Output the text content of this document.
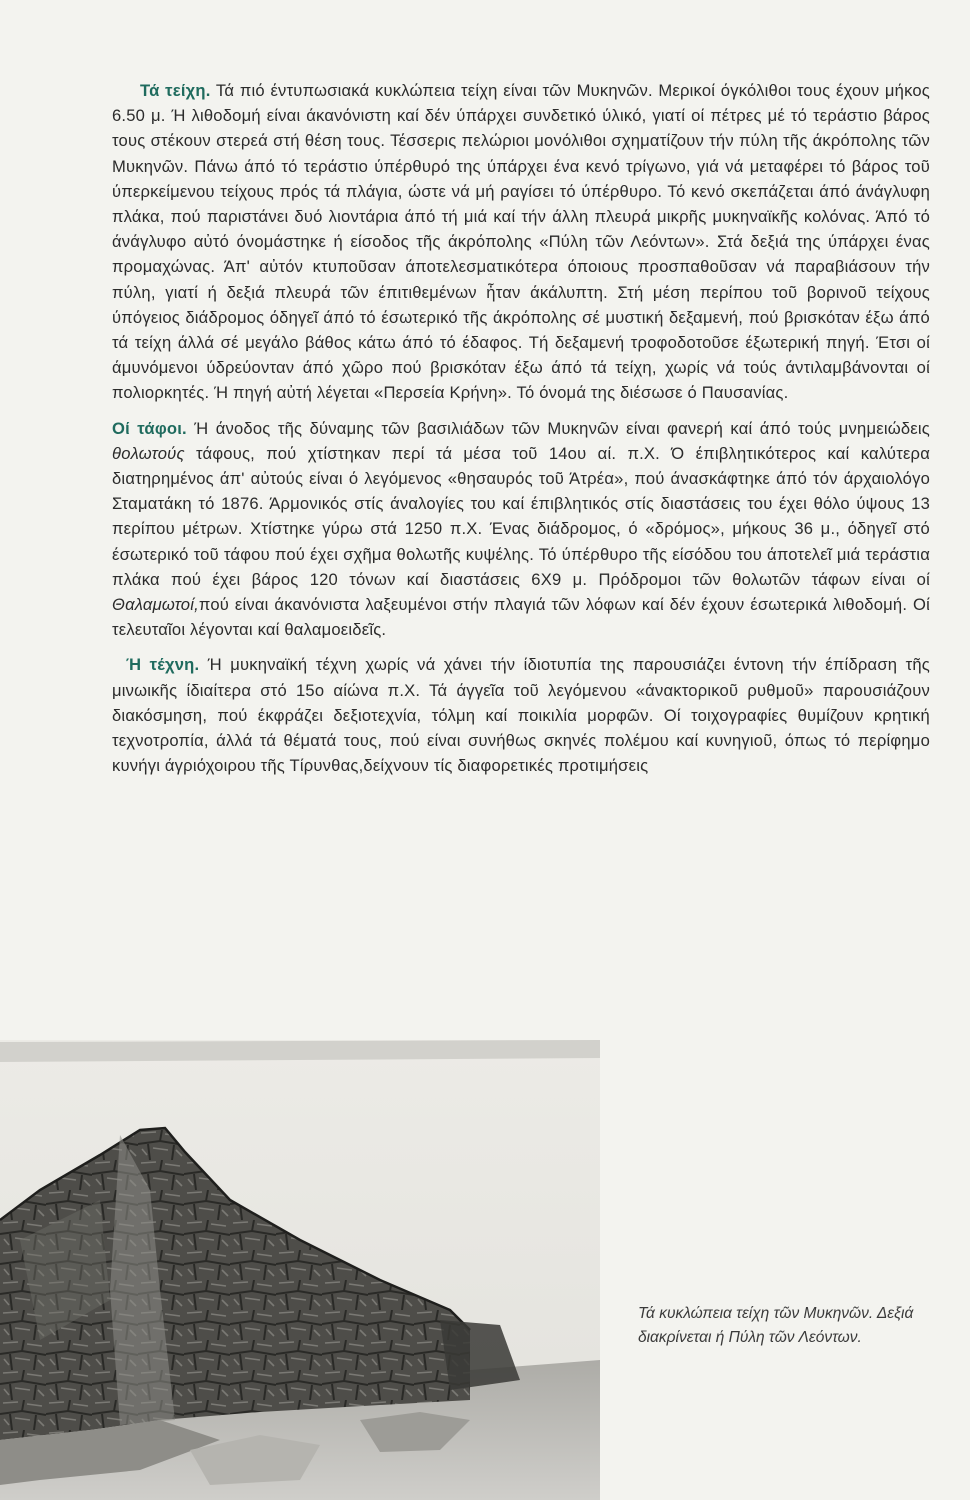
Τά τείχη. Τά πιό έντυπωσιακά κυκλώπεια τείχη είναι τῶν Μυκηνῶν. Μερικοί όγκόλιθοι τους έχουν μήκος 6.50 μ. Ή λιθοδομή είναι άκανόνιστη καί δέν ύπάρχει συνδετικό ύλικό, γιατί οί πέτρες μέ τό τεράστιο βάρος τους στέκουν στερεά στή θέση τους. Τέσσερις πελώριοι μονόλιθοι σχηματίζουν τήν πύλη τῆς άκρόπολης τῶν Μυκηνῶν. Πάνω άπό τό τεράστιο ύπέρθυρό της ύπάρχει ένα κενό τρίγωνο, γιά νά μεταφέρει τό βάρος τοῦ ύπερκείμενου τείχους πρός τά πλάγια, ώστε νά μή ραγίσει τό ύπέρθυρο. Τό κενό σκεπάζεται άπό άνάγλυφη πλάκα, πού παριστάνει δυό λιοντάρια άπό τή μιά καί τήν άλλη πλευρά μικρῆς μυκηναϊκῆς κολόνας. Άπό τό άνάγλυφο αὐτό όνομάστηκε ή είσοδος τῆς άκρόπολης «Πύλη τῶν Λεόντων». Στά δεξιά της ύπάρχει ένας προμαχώνας. Άπ' αὐτόν κτυποῦσαν άποτελεσματικότερα όποιους προσπαθοῦσαν νά παραβιάσουν τήν πύλη, γιατί ή δεξιά πλευρά τῶν έπιτιθεμένων ἦταν άκάλυπτη. Στή μέση περίπου τοῦ βορινοῦ τείχους ύπόγειος διάδρομος όδηγεῖ άπό τό έσωτερικό τῆς άκρόπολης σέ μυστική δεξαμενή, πού βρισκόταν έξω άπό τά τείχη άλλά σέ μεγάλο βάθος κάτω άπό τό έδαφος. Τή δεξαμενή τροφοδοτοῦσε έξωτερική πηγή. Έτσι οί άμυνόμενοι ύδρεύονταν άπό χῶρο πού βρισκόταν έξω άπό τά τείχη, χωρίς νά τούς άντιλαμβάνονται οί πολιορκητές. Ή πηγή αὐτή λέγεται «Περσεία Κρήνη». Τό όνομά της διέσωσε ό Παυσανίας.

Οί τάφοι. Ή άνοδος τῆς δύναμης τῶν βασιλιάδων τῶν Μυκηνῶν είναι φανερή καί άπό τούς μνημειώδεις θολωτούς τάφους, πού χτίστηκαν περί τά μέσα τοῦ 14ου αί. π.Χ. Ό έπιβλητικότερος καί καλύτερα διατηρημένος άπ' αὐτούς είναι ό λεγόμενος «θησαυρός τοῦ Άτρέα», πού άνασκάφτηκε άπό τόν άρχαιολόγο Σταματάκη τό 1876. Άρμονικός στίς άναλογίες του καί έπιβλητικός στίς διαστάσεις του έχει θόλο ύψους 13 περίπου μέτρων. Χτίστηκε γύρω στά 1250 π.Χ. Ένας διάδρομος, ό «δρόμος», μήκους 36 μ., όδηγεῖ στό έσωτερικό τοῦ τάφου πού έχει σχῆμα θολωτῆς κυψέλης. Τό ύπέρθυρο τῆς είσόδου του άποτελεῖ μιά τεράστια πλάκα πού έχει βάρος 120 τόνων καί διαστάσεις 6Χ9 μ. Πρόδρομοι τῶν θολωτῶν τάφων είναι οί Θαλαμωτοί,πού είναι άκανόνιστα λαξευμένοι στήν πλαγιά τῶν λόφων καί δέν έχουν έσωτερικά λιθοδομή. Οί τελευταῖοι λέγονται καί θαλαμοειδεῖς.

Ή τέχνη. Ή μυκηναϊκή τέχνη χωρίς νά χάνει τήν ίδιοτυπία της παρουσιάζει έντονη τήν έπίδραση τῆς μινωικῆς ίδιαίτερα στό 15ο αίώνα π.Χ. Τά άγγεῖα τοῦ λεγόμενου «άνακτορικοῦ ρυθμοῦ» παρουσιάζουν διακόσμηση, πού έκφράζει δεξιοτεχνία, τόλμη καί ποικιλία μορφῶν. Οί τοιχογραφίες θυμίζουν κρητική τεχνοτροπία, άλλά τά θέματά τους, πού είναι συνήθως σκηνές πολέμου καί κυνηγιοῦ, όπως τό περίφημο κυνήγι άγριόχοιρου τῆς Τίρυνθας,δείχνουν τίς διαφορετικές προτιμήσεις

Τά κυκλώπεια τείχη τῶν Μυκηνῶν. Δεξιά διακρίνεται ή Πύλη τῶν Λεόντων.
